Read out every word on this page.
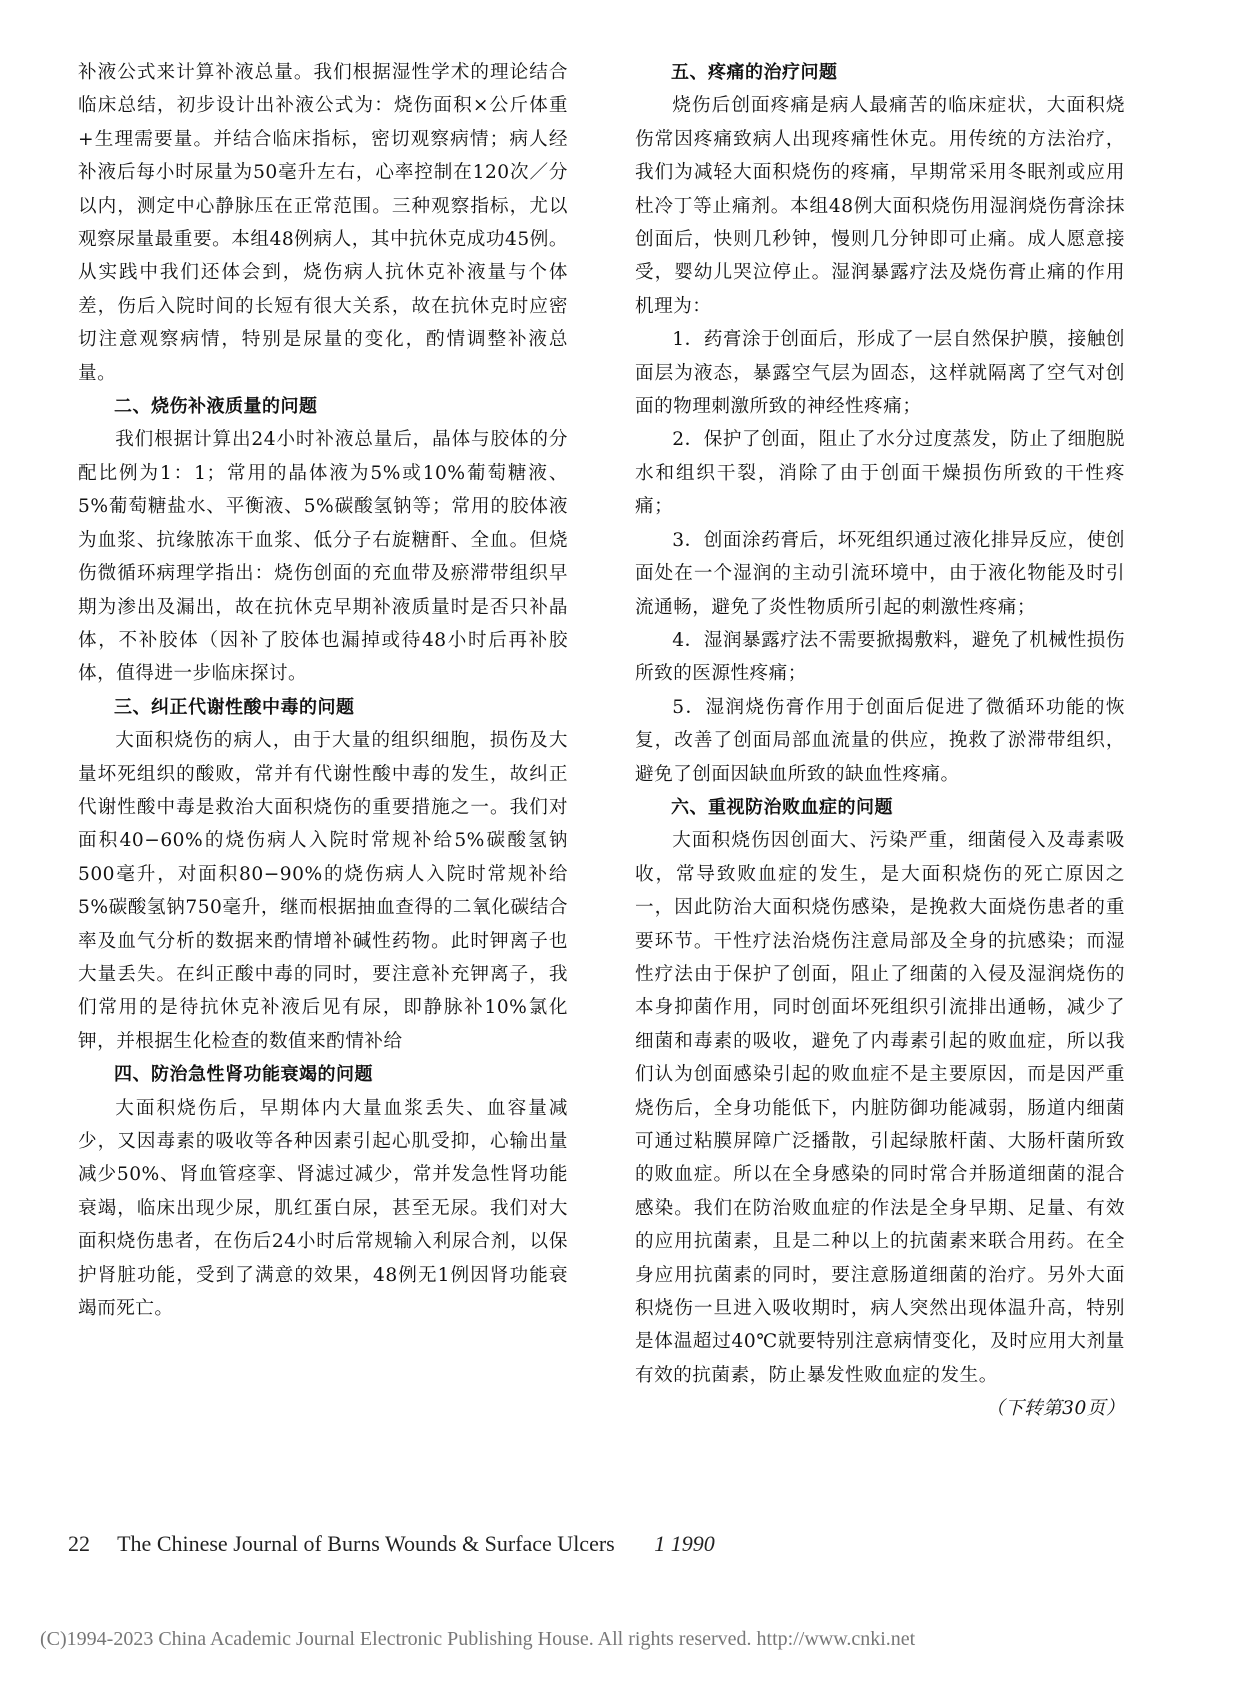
补液公式来计算补液总量。我们根据湿性学术的理论结合临床总结，初步设计出补液公式为：烧伤面积×公斤体重+生理需要量。并结合临床指标，密切观察病情；病人经补液后每小时尿量为50毫升左右，心率控制在120次／分以内，测定中心静脉压在正常范围。三种观察指标，尤以观察尿量最重要。本组48例病人，其中抗休克成功45例。从实践中我们还体会到，烧伤病人抗休克补液量与个体差，伤后入院时间的长短有很大关系，故在抗休克时应密切注意观察病情，特别是尿量的变化，酌情调整补液总量。

二、烧伤补液质量的问题

我们根据计算出24小时补液总量后，晶体与胶体的分配比例为1：1；常用的晶体液为5%或10%葡萄糖液、5%葡萄糖盐水、平衡液、5%碳酸氢钠等；常用的胶体液为血浆、抗缘脓冻干血浆、低分子右旋糖酐、全血。但烧伤微循环病理学指出：烧伤创面的充血带及瘀滞带组织早期为渗出及漏出，故在抗休克早期补液质量时是否只补晶体，不补胶体（因补了胶体也漏掉或待48小时后再补胶体，值得进一步临床探讨。

三、纠正代谢性酸中毒的问题

大面积烧伤的病人，由于大量的组织细胞，损伤及大量坏死组织的酸败，常并有代谢性酸中毒的发生，故纠正代谢性酸中毒是救治大面积烧伤的重要措施之一。我们对面积40−60%的烧伤病人入院时常规补给5%碳酸氢钠500毫升，对面积80−90%的烧伤病人入院时常规补给5%碳酸氢钠750毫升，继而根据抽血查得的二氧化碳结合率及血气分析的数据来酌情增补碱性药物。此时钾离子也大量丢失。在纠正酸中毒的同时，要注意补充钾离子，我们常用的是待抗休克补液后见有尿，即静脉补10%氯化钾，并根据生化检查的数值来酌情补给

四、防治急性肾功能衰竭的问题

大面积烧伤后，早期体内大量血浆丢失、血容量减少，又因毒素的吸收等各种因素引起心肌受抑，心输出量减少50%、肾血管痉挛、肾滤过减少，常并发急性肾功能衰竭，临床出现少尿，肌红蛋白尿，甚至无尿。我们对大面积烧伤患者，在伤后24小时后常规输入利尿合剂，以保护肾脏功能，受到了满意的效果，48例无1例因肾功能衰竭而死亡。

五、疼痛的治疗问题

烧伤后创面疼痛是病人最痛苦的临床症状，大面积烧伤常因疼痛致病人出现疼痛性休克。用传统的方法治疗，我们为减轻大面积烧伤的疼痛，早期常采用冬眠剂或应用杜冷丁等止痛剂。本组48例大面积烧伤用湿润烧伤膏涂抹创面后，快则几秒钟，慢则几分钟即可止痛。成人愿意接受，婴幼儿哭泣停止。湿润暴露疗法及烧伤膏止痛的作用机理为：

1．药膏涂于创面后，形成了一层自然保护膜，接触创面层为液态，暴露空气层为固态，这样就隔离了空气对创面的物理刺激所致的神经性疼痛；

2．保护了创面，阻止了水分过度蒸发，防止了细胞脱水和组织干裂，消除了由于创面干燥损伤所致的干性疼痛；

3．创面涂药膏后，坏死组织通过液化排异反应，使创面处在一个湿润的主动引流环境中，由于液化物能及时引流通畅，避免了炎性物质所引起的刺激性疼痛；

4．湿润暴露疗法不需要掀揭敷料，避免了机械性损伤所致的医源性疼痛；

5．湿润烧伤膏作用于创面后促进了微循环功能的恢复，改善了创面局部血流量的供应，挽救了淤滞带组织，避免了创面因缺血所致的缺血性疼痛。

六、重视防治败血症的问题

大面积烧伤因创面大、污染严重，细菌侵入及毒素吸收，常导致败血症的发生，是大面积烧伤的死亡原因之一，因此防治大面积烧伤感染，是挽救大面烧伤患者的重要环节。干性疗法治烧伤注意局部及全身的抗感染；而湿性疗法由于保护了创面，阻止了细菌的入侵及湿润烧伤的本身抑菌作用，同时创面坏死组织引流排出通畅，减少了细菌和毒素的吸收，避免了内毒素引起的败血症，所以我们认为创面感染引起的败血症不是主要原因，而是因严重烧伤后，全身功能低下，内脏防御功能减弱，肠道内细菌可通过粘膜屏障广泛播散，引起绿脓杆菌、大肠杆菌所致的败血症。所以在全身感染的同时常合并肠道细菌的混合感染。我们在防治败血症的作法是全身早期、足量、有效的应用抗菌素，且是二种以上的抗菌素来联合用药。在全身应用抗菌素的同时，要注意肠道细菌的治疗。另外大面积烧伤一旦进入吸收期时，病人突然出现体温升高，特别是体温超过40℃就要特别注意病情变化，及时应用大剂量有效的抗菌素，防止暴发性败血症的发生。

（下转第30页）

22 The Chinese Journal of Burns Wounds & Surface Ulcers 1 1990
(C)1994-2023 China Academic Journal Electronic Publishing House. All rights reserved. http://www.cnki.net
